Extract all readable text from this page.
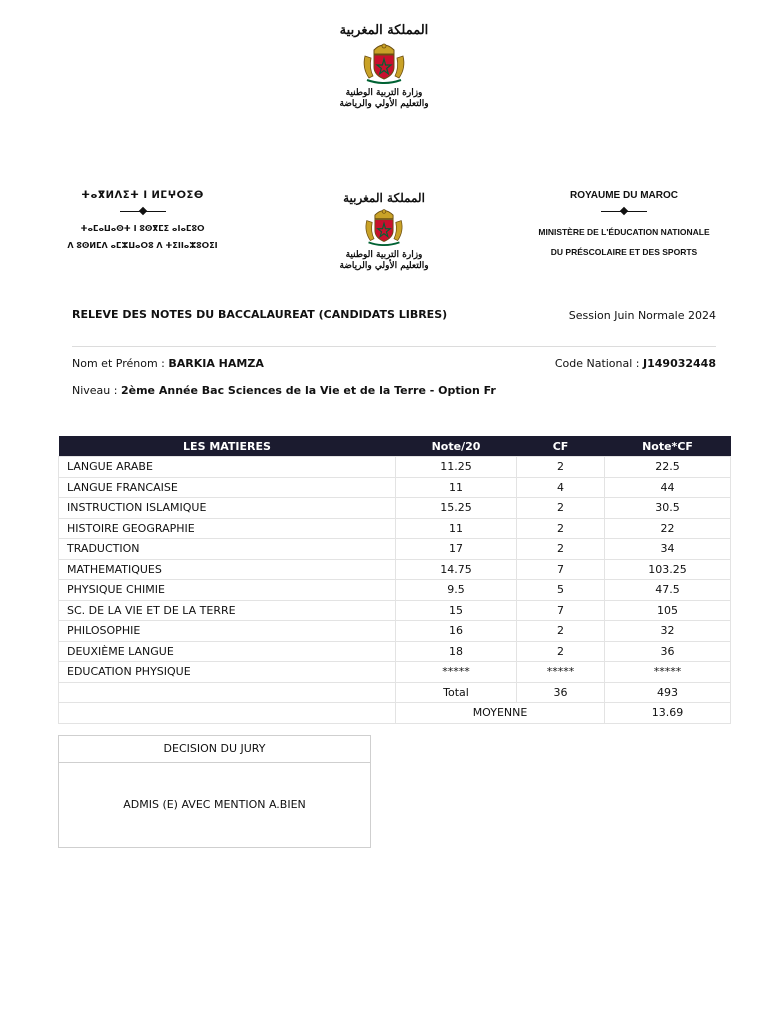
المملكة المغربية
وزارة التربية الوطنية
والتعليم الأولي والرياضة
ⵜⴰⴳⵍⴷⵉⵜ ⵏ ⵍⵎⵖⵔⵉⴱ
ⵜⴰⵎⴰⵡⴰⵙⵜ ⵏ ⵓⵙⴳⵎⵉ ⴰⵏⴰⵎⵓⵔ
ⴷ ⵓⵙⵍⵎⴷ ⴰⵎⵣⵡⴰⵔⵓ ⴷ ⵜⵉⵏⵏⴰⵣⵓⵔⵉⵏ
المملكة المغربية
وزارة التربية الوطنية
والتعليم الأولي والرياضة
ROYAUME DU MAROC
MINISTÈRE DE L'ÉDUCATION NATIONALE
DU PRÉSCOLAIRE ET DES SPORTS
RELEVE DES NOTES DU BACCALAUREAT (CANDIDATS LIBRES)	Session Juin Normale 2024
Nom et Prénom : BARKIA HAMZA	Code National : J149032448
Niveau : 2ème Année Bac Sciences de la Vie et de la Terre - Option Fr
LES MATIERES	Note/20	CF	Note*CF
LANGUE ARABE	11.25	2	22.5
LANGUE FRANCAISE	11	4	44
INSTRUCTION ISLAMIQUE	15.25	2	30.5
HISTOIRE GEOGRAPHIE	11	2	22
TRADUCTION	17	2	34
MATHEMATIQUES	14.75	7	103.25
PHYSIQUE CHIMIE	9.5	5	47.5
SC. DE LA VIE ET DE LA TERRE	15	7	105
PHILOSOPHIE	16	2	32
DEUXIÈME LANGUE	18	2	36
EDUCATION PHYSIQUE	*****	*****	*****
	Total	36	493
	MOYENNE		13.69
DECISION DU JURY
ADMIS (E) AVEC MENTION A.BIEN
